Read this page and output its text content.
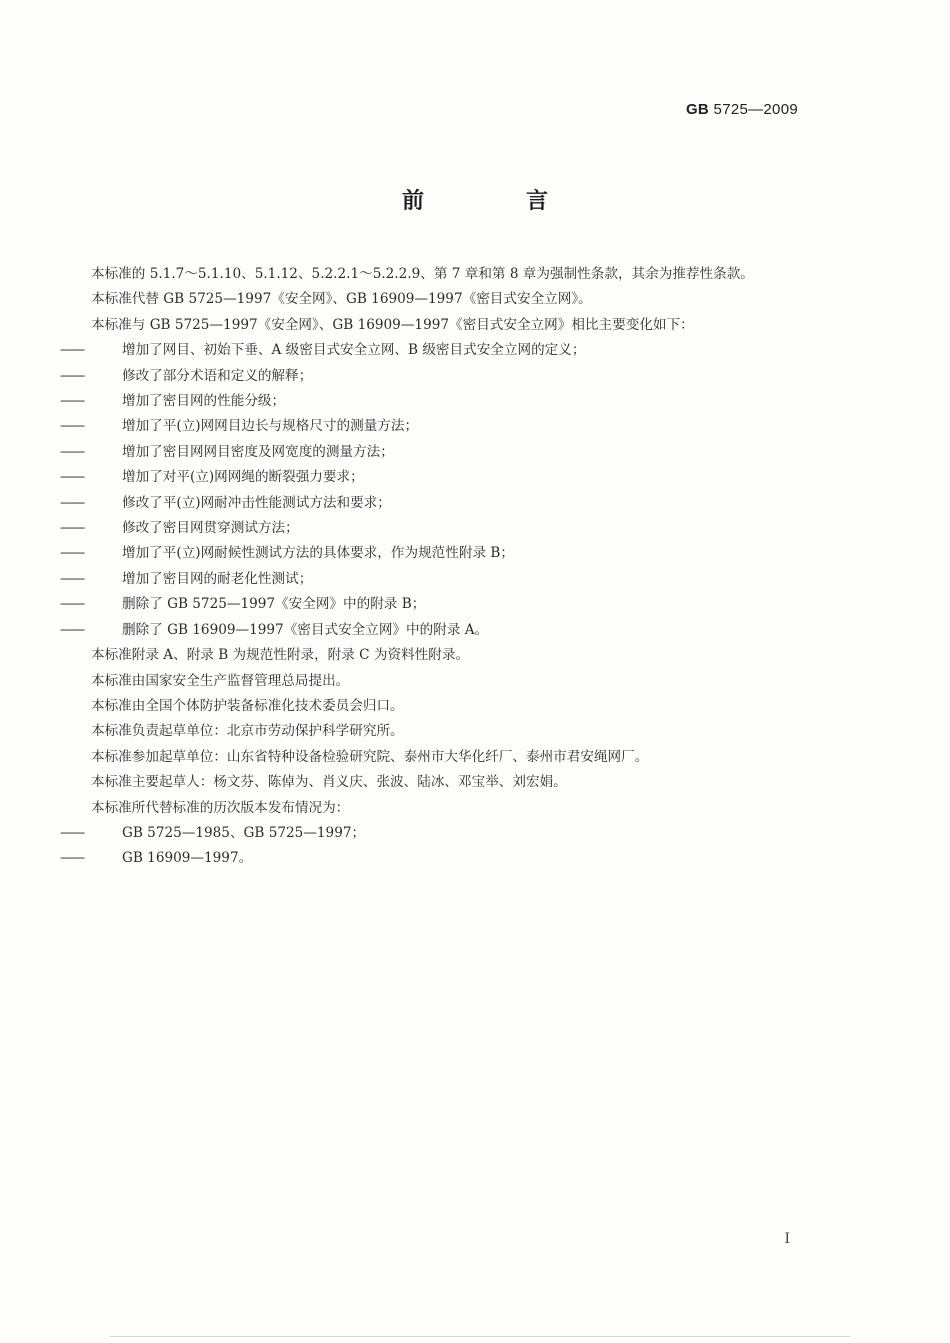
GB 5725—2009
前　言

本标准的 5.1.7～5.1.10、5.1.12、5.2.2.1～5.2.2.9、第 7 章和第 8 章为强制性条款，其余为推荐性条款。

本标准代替 GB 5725—1997《安全网》、GB 16909—1997《密目式安全立网》。

本标准与 GB 5725—1997《安全网》、GB 16909—1997《密目式安全立网》相比主要变化如下：

——	增加了网目、初始下垂、A 级密目式安全立网、B 级密目式安全立网的定义；

——	修改了部分术语和定义的解释；

——	增加了密目网的性能分级；

——	增加了平(立)网网目边长与规格尺寸的测量方法；

——	增加了密目网网目密度及网宽度的测量方法；

——	增加了对平(立)网网绳的断裂强力要求；

——	修改了平(立)网耐冲击性能测试方法和要求；

——	修改了密目网贯穿测试方法；

——	增加了平(立)网耐候性测试方法的具体要求，作为规范性附录 B；

——	增加了密目网的耐老化性测试；

——	删除了 GB 5725—1997《安全网》中的附录 B；

——	删除了 GB 16909—1997《密目式安全立网》中的附录 A。

本标准附录 A、附录 B 为规范性附录，附录 C 为资料性附录。

本标准由国家安全生产监督管理总局提出。

本标准由全国个体防护装备标准化技术委员会归口。

本标准负责起草单位：北京市劳动保护科学研究所。

本标准参加起草单位：山东省特种设备检验研究院、泰州市大华化纤厂、泰州市君安绳网厂。

本标准主要起草人：杨文芬、陈倬为、肖义庆、张波、陆冰、邓宝举、刘宏娟。

本标准所代替标准的历次版本发布情况为：

——	GB 5725—1985、GB 5725—1997；

——	GB 16909—1997。

I
